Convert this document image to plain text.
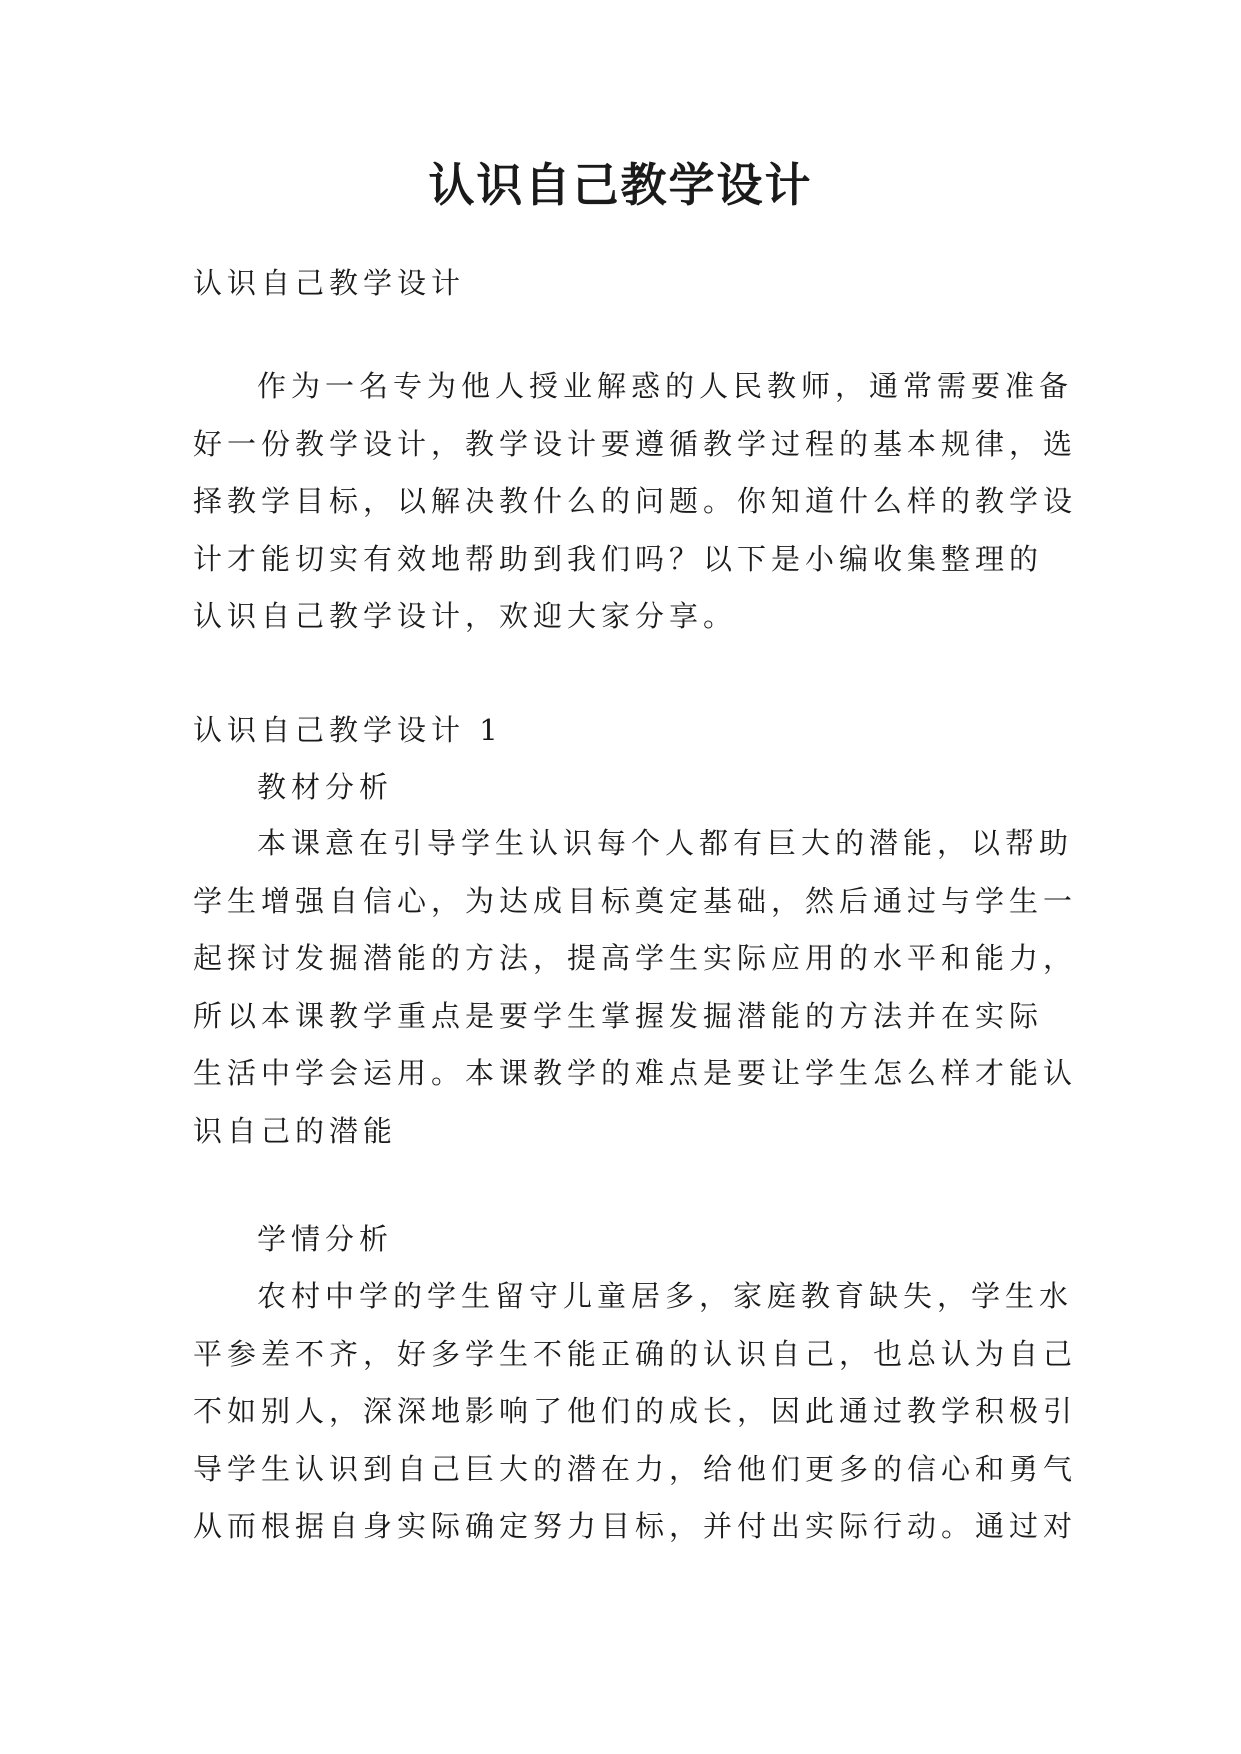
认识自己教学设计
认识自己教学设计
作为一名专为他人授业解惑的人民教师，通常需要准备
好一份教学设计，教学设计要遵循教学过程的基本规律，选
择教学目标，以解决教什么的问题。你知道什么样的教学设
计才能切实有效地帮助到我们吗？以下是小编收集整理的
认识自己教学设计，欢迎大家分享。
认识自己教学设计 1
教材分析
本课意在引导学生认识每个人都有巨大的潜能，以帮助
学生增强自信心，为达成目标奠定基础，然后通过与学生一
起探讨发掘潜能的方法，提高学生实际应用的水平和能力，
所以本课教学重点是要学生掌握发掘潜能的方法并在实际
生活中学会运用。本课教学的难点是要让学生怎么样才能认
识自己的潜能
学情分析
农村中学的学生留守儿童居多，家庭教育缺失，学生水
平参差不齐，好多学生不能正确的认识自己，也总认为自己
不如别人，深深地影响了他们的成长，因此通过教学积极引
导学生认识到自己巨大的潜在力，给他们更多的信心和勇气
从而根据自身实际确定努力目标，并付出实际行动。通过对
